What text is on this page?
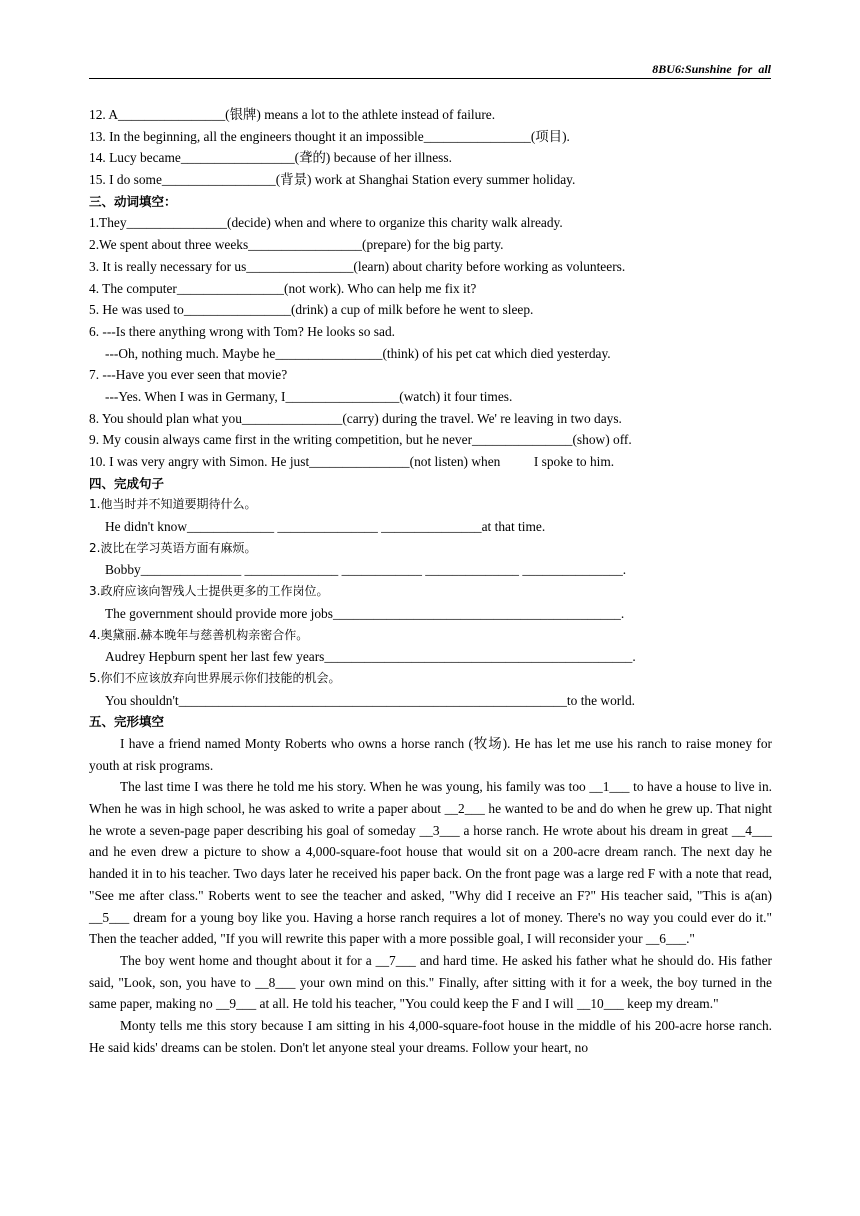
8BU6:Sunshine  for  all
12. A________________(银牌) means a lot to the athlete instead of failure.
13. In the beginning, all the engineers thought it an impossible________________(项目).
14. Lucy became_________________(聋的) because of her illness.
15. I do some_________________(背景) work at Shanghai Station every summer holiday.
三、动词填空：
1.They_______________(decide) when and where to organize this charity walk already.
2.We spent about three weeks_________________(prepare) for the big party.
3. It is really necessary for us________________(learn) about charity before working as volunteers.
4. The computer________________(not work). Who can help me fix it?
5. He was used to________________(drink) a cup of milk before he went to sleep.
6. ---Is there anything wrong with Tom? He looks so sad.
---Oh, nothing much. Maybe he________________(think) of his pet cat which died yesterday.
7. ---Have you ever seen that movie?
---Yes. When I was in Germany, I_________________(watch) it four times.
8. You should plan what you_______________(carry) during the travel. We' re leaving in two days.
9. My cousin always came first in the writing competition, but he never_______________(show) off.
10. I was very angry with Simon. He just_______________(not listen) when          I spoke to him.
四、完成句子
1.他当时并不知道要期待什么。
He didn't know_____________ _______________ _______________at that time.
2.波比在学习英语方面有麻烦。
Bobby_______________ ______________ ____________ ______________ _______________.
3.政府应该向智残人士提供更多的工作岗位。
The government should provide more jobs___________________________________________.
4.奥黛丽.赫本晚年与慈善机构亲密合作。
Audrey Hepburn spent her last few years______________________________________________.
5.你们不应该放弃向世界展示你们技能的机会。
You shouldn't__________________________________________________________to the world.
五、完形填空

I have a friend named Monty Roberts who owns a horse ranch (牧场). He has let me use his ranch to raise money for youth at risk programs.

The last time I was there he told me his story. When he was young, his family was too __1___ to have a house to live in. When he was in high school, he was asked to write a paper about __2___ he wanted to be and do when he grew up. That night he wrote a seven-page paper describing his goal of someday __3___ a horse ranch. He wrote about his dream in great __4___ and he even drew a picture to show a 4,000-square-foot house that would sit on a 200-acre dream ranch. The next day he handed it in to his teacher. Two days later he received his paper back. On the front page was a large red F with a note that read, "See me after class." Roberts went to see the teacher and asked, "Why did I receive an F?" His teacher said, "This is a(an) __5___ dream for a young boy like you. Having a horse ranch requires a lot of money. There's no way you could ever do it." Then the teacher added, "If you will rewrite this paper with a more possible goal, I will reconsider your __6___."

The boy went home and thought about it for a __7___ and hard time. He asked his father what he should do. His father said, "Look, son, you have to __8___ your own mind on this." Finally, after sitting with it for a week, the boy turned in the same paper, making no __9___ at all. He told his teacher, "You could keep the F and I will __10___ keep my dream."

Monty tells me this story because I am sitting in his 4,000-square-foot house in the middle of his 200-acre horse ranch. He said kids' dreams can be stolen. Don't let anyone steal your dreams. Follow your heart, no
